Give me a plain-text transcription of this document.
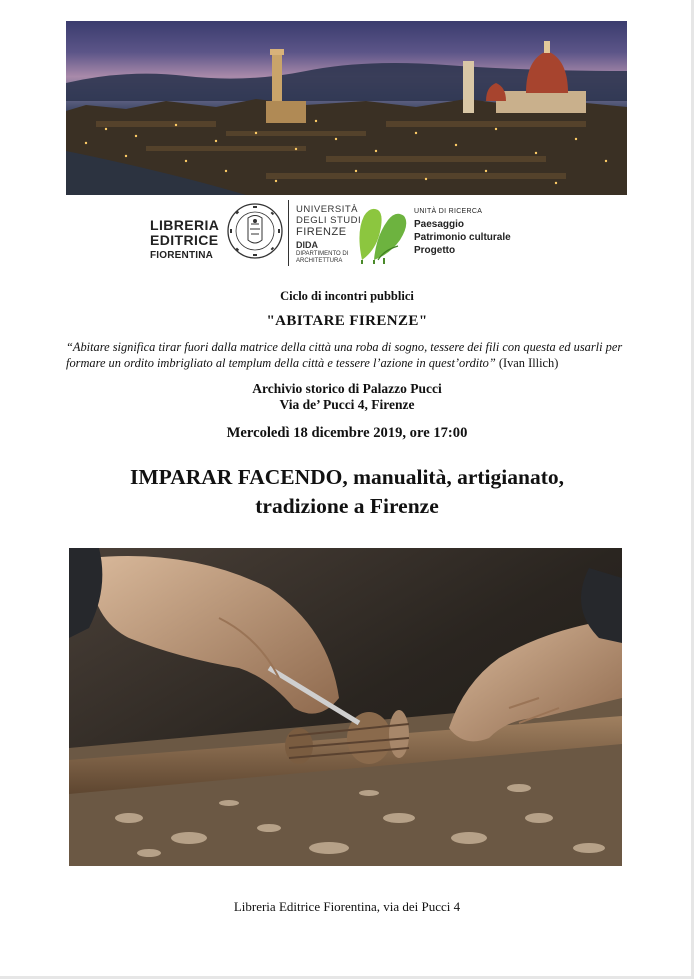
LIBRERIA
EDITRICE
FIORENTINA
UNIVERSITÀ
DEGLI STUDI
FIRENZE
DIDA
DIPARTIMENTO DI
ARCHITETTURA
UNITÀ DI RICERCA
Paesaggio
Patrimonio culturale
Progetto
Ciclo di incontri pubblici
"ABITARE FIRENZE"
“Abitare significa tirar fuori dalla matrice della città una roba di sogno, tessere dei fili con questa ed usarli per formare un ordito imbrigliato al templum della città e tessere l’azione in quest’ordito” (Ivan Illich)
Archivio storico di Palazzo Pucci
Via de’ Pucci 4, Firenze
Mercoledì 18 dicembre 2019, ore 17:00
IMPARAR FACENDO, manualità, artigianato,
tradizione a Firenze
Libreria Editrice Fiorentina, via dei Pucci 4
